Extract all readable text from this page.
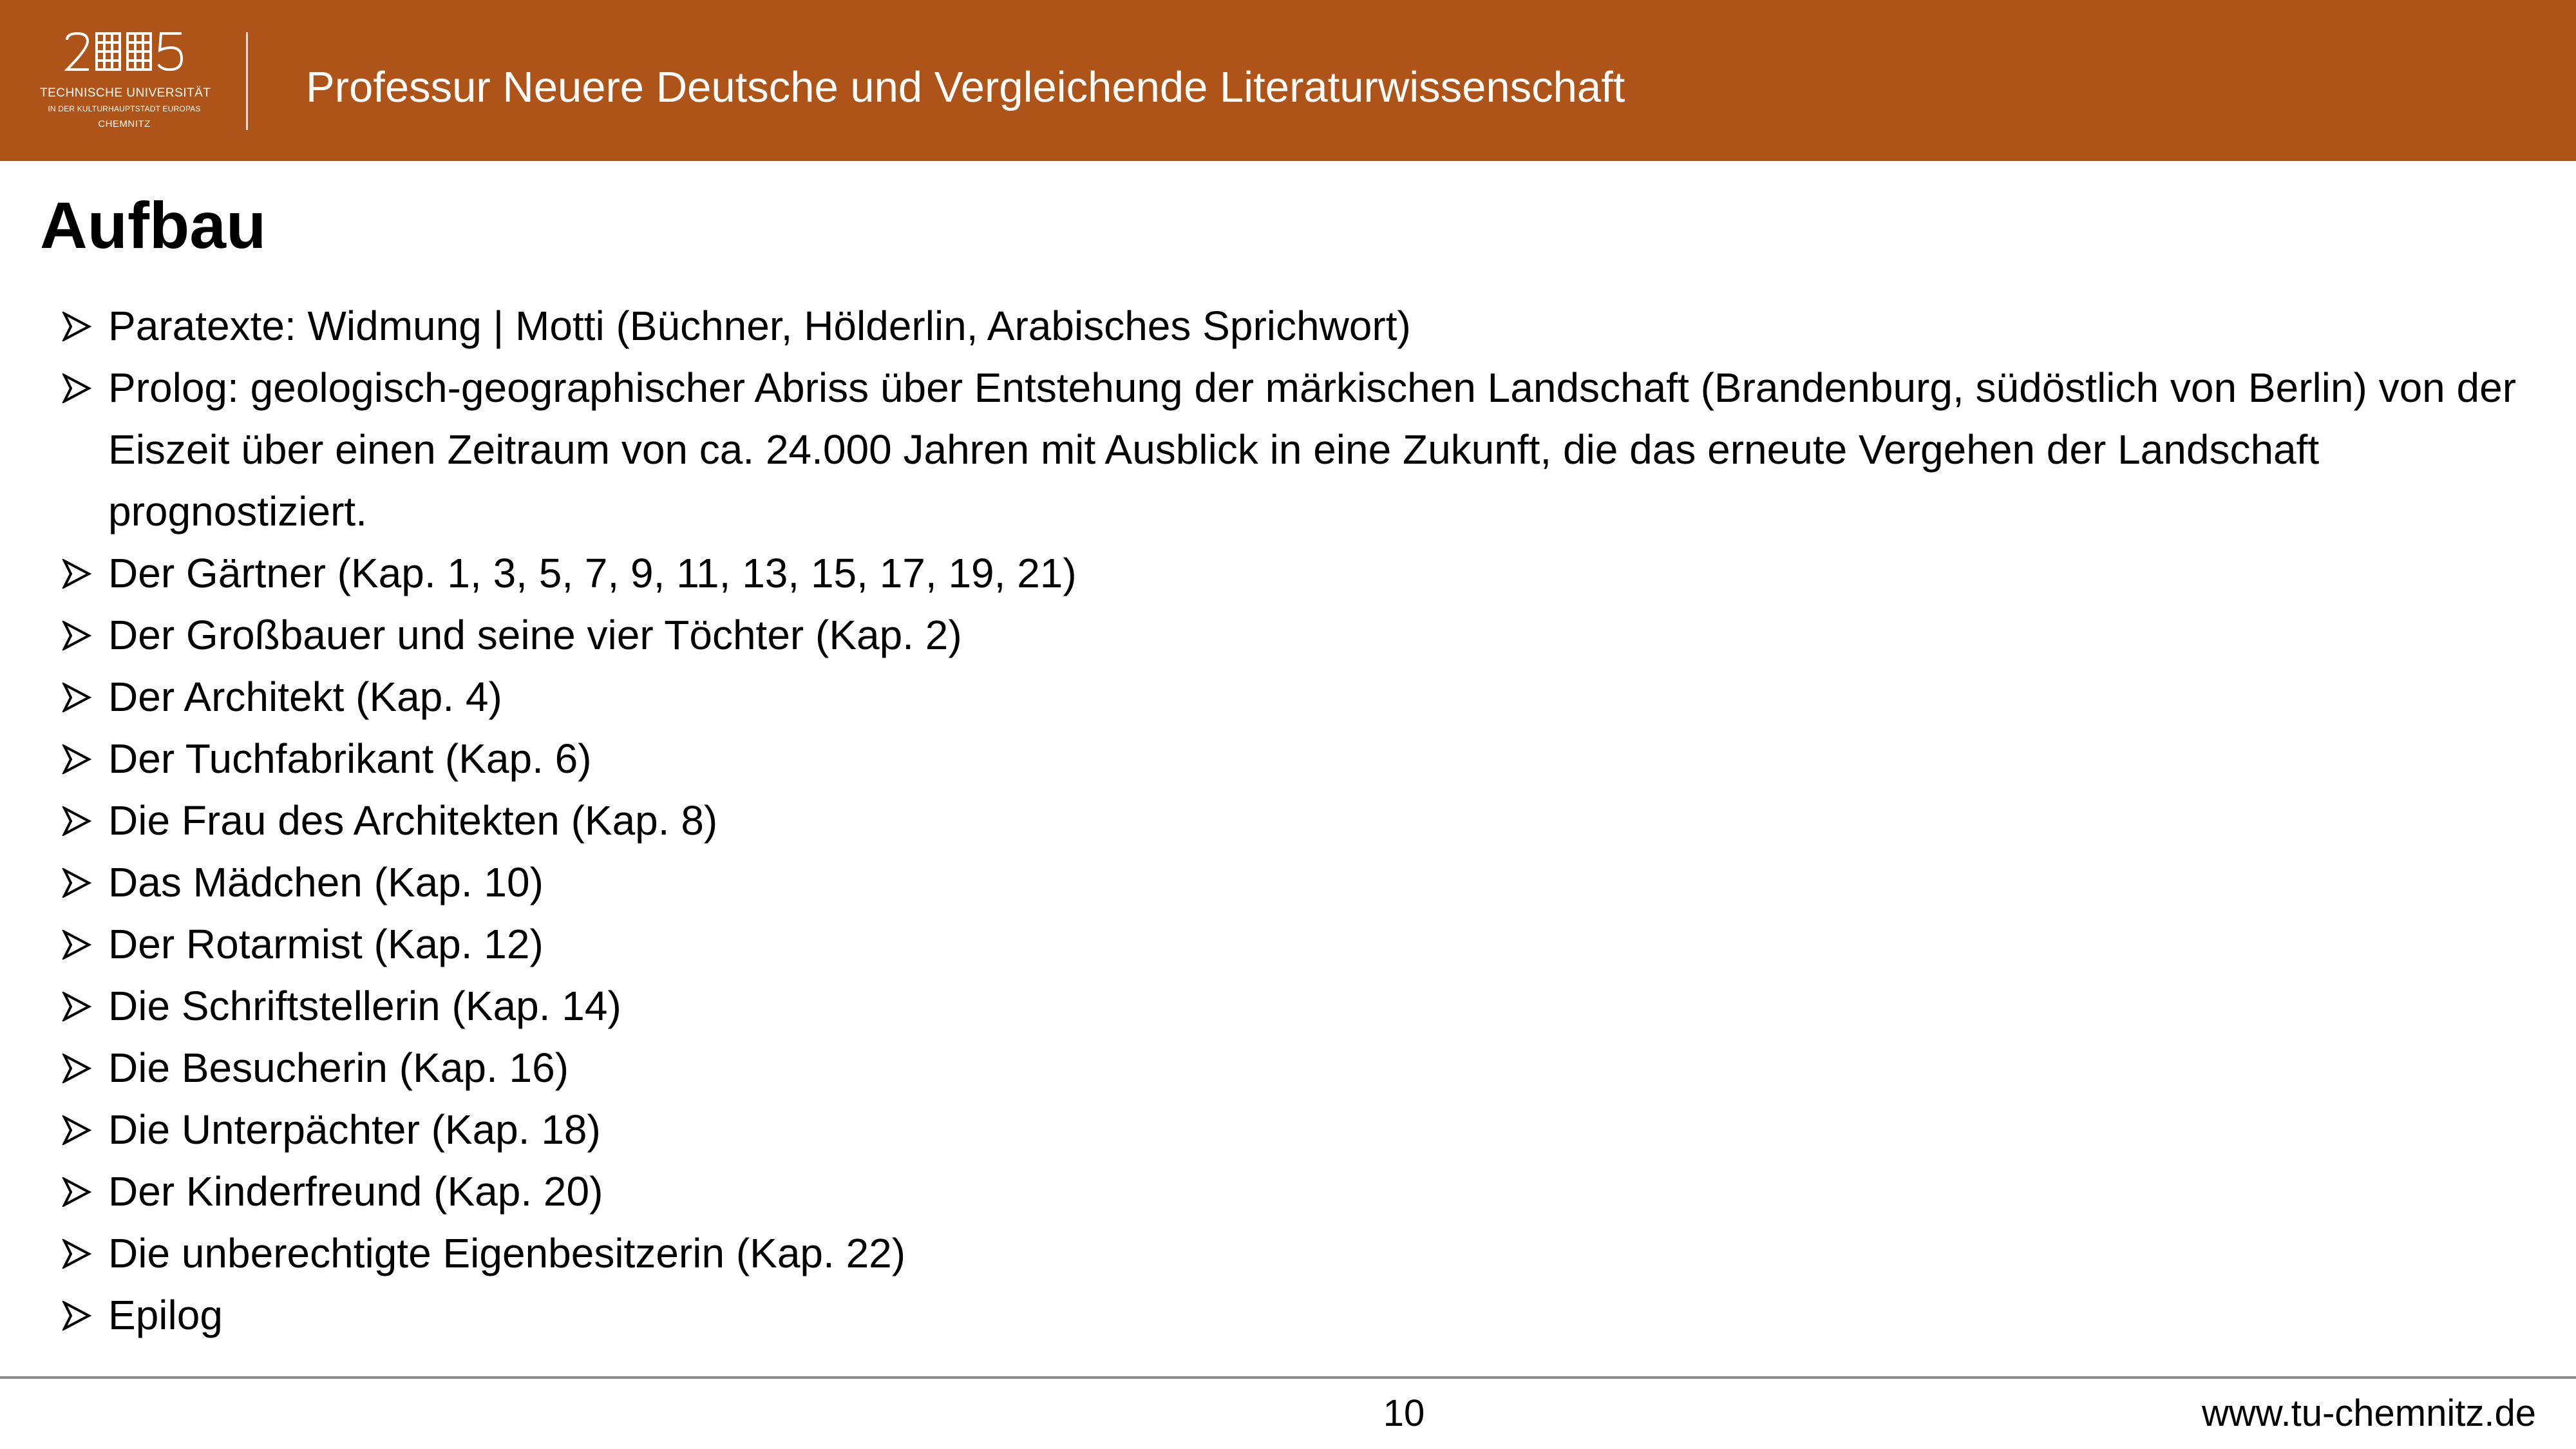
TECHNISCHE UNIVERSITÄT
IN DER KULTURHAUPTSTADT EUROPAS
CHEMNITZ
Professur Neuere Deutsche und Vergleichende Literaturwissenschaft
Aufbau
Paratexte: Widmung | Motti (Büchner, Hölderlin, Arabisches Sprichwort)
Prolog: geologisch-geographischer Abriss über Entstehung der märkischen Landschaft (Brandenburg, südöstlich von Berlin) von der Eiszeit über einen Zeitraum von ca. 24.000 Jahren mit Ausblick in eine Zukunft, die das erneute Vergehen der Landschaft prognostiziert.
Der Gärtner (Kap. 1, 3, 5, 7, 9, 11, 13, 15, 17, 19, 21)
Der Großbauer und seine vier Töchter (Kap. 2)
Der Architekt (Kap. 4)
Der Tuchfabrikant (Kap. 6)
Die Frau des Architekten (Kap. 8)
Das Mädchen (Kap. 10)
Der Rotarmist (Kap. 12)
Die Schriftstellerin (Kap. 14)
Die Besucherin (Kap. 16)
Die Unterpächter (Kap. 18)
Der Kinderfreund (Kap. 20)
Die unberechtigte Eigenbesitzerin (Kap. 22)
Epilog
10	www.tu-chemnitz.de
